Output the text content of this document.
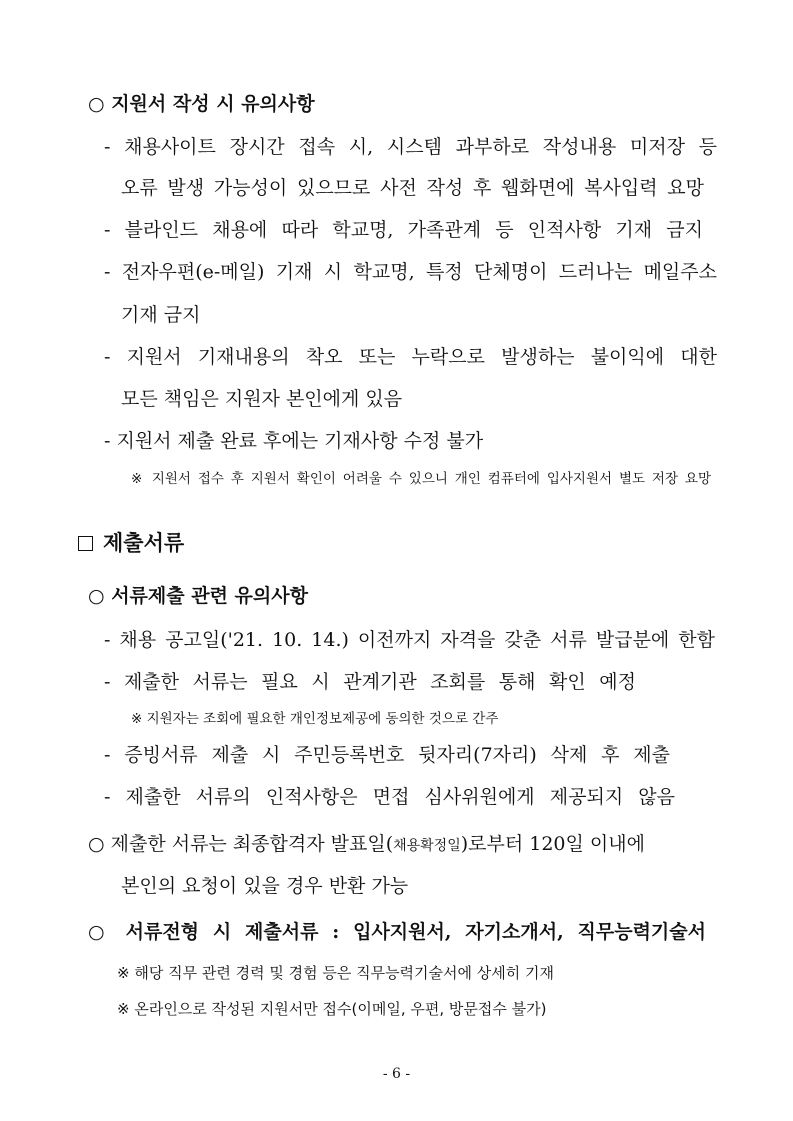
○ 지원서 작성 시 유의사항
- 채용사이트 장시간 접속 시, 시스템 과부하로 작성내용 미저장 등
오류 발생 가능성이 있으므로 사전 작성 후 웹화면에 복사입력 요망
- 블라인드 채용에 따라 학교명, 가족관계 등 인적사항 기재 금지
- 전자우편(e-메일) 기재 시 학교명, 특정 단체명이 드러나는 메일주소
기재 금지
- 지원서 기재내용의 착오 또는 누락으로 발생하는 불이익에 대한
모든 책임은 지원자 본인에게 있음
- 지원서 제출 완료 후에는 기재사항 수정 불가
※ 지원서 접수 후 지원서 확인이 어려울 수 있으니 개인 컴퓨터에 입사지원서 별도 저장 요망
제출서류
○ 서류제출 관련 유의사항
- 채용 공고일('21. 10. 14.) 이전까지 자격을 갖춘 서류 발급분에 한함
- 제출한 서류는 필요 시 관계기관 조회를 통해 확인 예정
※ 지원자는 조회에 필요한 개인정보제공에 동의한 것으로 간주
- 증빙서류 제출 시 주민등록번호 뒷자리(7자리) 삭제 후 제출
- 제출한 서류의 인적사항은 면접 심사위원에게 제공되지 않음
○ 제출한 서류는 최종합격자 발표일(채용확정일)로부터 120일 이내에
본인의 요청이 있을 경우 반환 가능
○ 서류전형 시 제출서류 : 입사지원서, 자기소개서, 직무능력기술서
※ 해당 직무 관련 경력 및 경험 등은 직무능력기술서에 상세히 기재
※ 온라인으로 작성된 지원서만 접수(이메일, 우편, 방문접수 불가)
- 6 -
